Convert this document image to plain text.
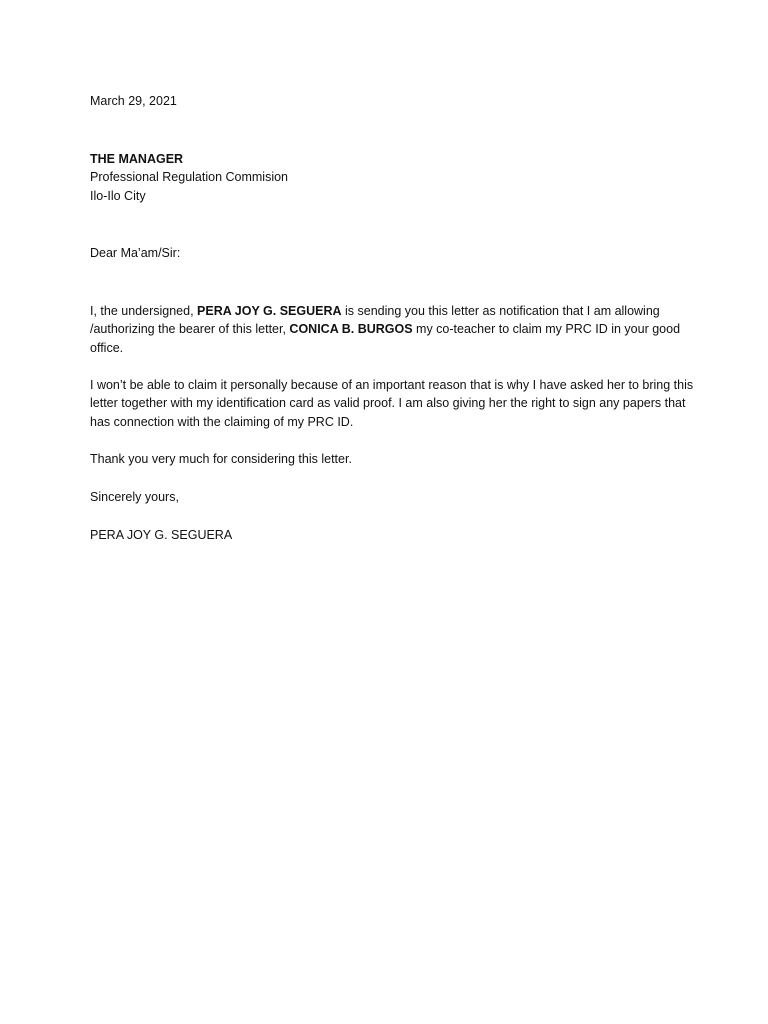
March 29, 2021

THE MANAGER

Professional Regulation Commision

Ilo-Ilo City

Dear Ma’am/Sir:

I, the undersigned, PERA JOY G. SEGUERA is sending you this letter as notification that I am allowing /authorizing the bearer of this letter, CONICA B. BURGOS my co-teacher to claim my PRC ID in your good office.

I won’t be able to claim it personally because of an important reason that is why I have asked her to bring this letter together with my identification card as valid proof. I am also giving her the right to sign any papers that has connection with the claiming of my PRC ID.

Thank you very much for considering this letter.

Sincerely yours,

PERA JOY G. SEGUERA
